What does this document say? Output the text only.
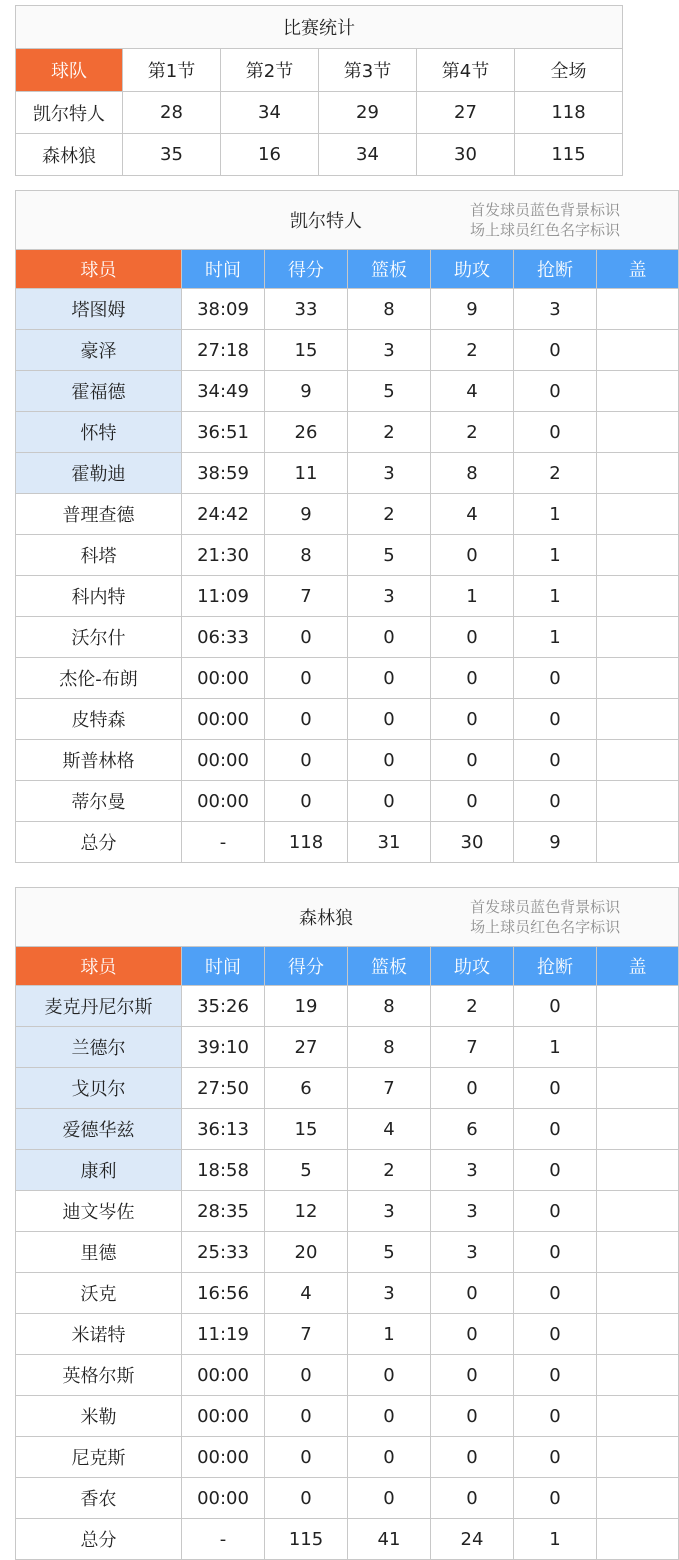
比赛统计					
球队	第1节	第2节	第3节	第4节	全场
凯尔特人	28	34	29	27	118
森林狼	35	16	34	30	115
凯尔特人
首发球员蓝色背景标识
场上球员红色名字标识						

球员	时间	得分	篮板	助攻	抢断	盖
塔图姆	38:09	33	8	9	3	
豪泽	27:18	15	3	2	0	
霍福德	34:49	9	5	4	0	
怀特	36:51	26	2	2	0	
霍勒迪	38:59	11	3	8	2	
普理查德	24:42	9	2	4	1	
科塔	21:30	8	5	0	1	
科内特	11:09	7	3	1	1	
沃尔什	06:33	0	0	0	1	
杰伦-布朗	00:00	0	0	0	0	
皮特森	00:00	0	0	0	0	
斯普林格	00:00	0	0	0	0	
蒂尔曼	00:00	0	0	0	0	
总分	-	118	31	30	9	
森林狼
首发球员蓝色背景标识
场上球员红色名字标识						

球员	时间	得分	篮板	助攻	抢断	盖
麦克丹尼尔斯	35:26	19	8	2	0	
兰德尔	39:10	27	8	7	1	
戈贝尔	27:50	6	7	0	0	
爱德华兹	36:13	15	4	6	0	
康利	18:58	5	2	3	0	
迪文岑佐	28:35	12	3	3	0	
里德	25:33	20	5	3	0	
沃克	16:56	4	3	0	0	
米诺特	11:19	7	1	0	0	
英格尔斯	00:00	0	0	0	0	
米勒	00:00	0	0	0	0	
尼克斯	00:00	0	0	0	0	
香农	00:00	0	0	0	0	
总分	-	115	41	24	1	
